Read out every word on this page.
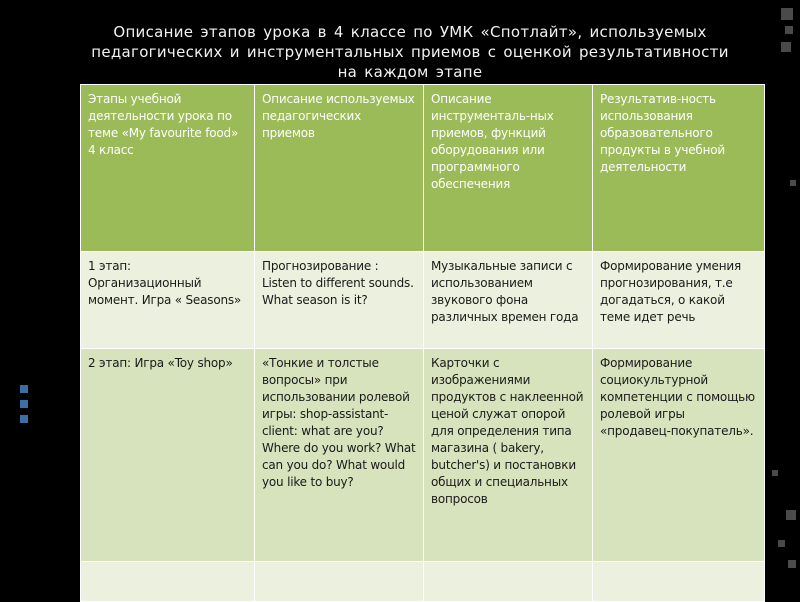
Описание этапов урока в 4 классе по УМК «Спотлайт», используемых
педагогических и инструментальных приемов с оценкой результативности
на каждом этапе
Этапы учебной деятельности урока по теме «My favourite food» 4 класс	Описание используемых педагогических приемов	Описание инструменталь-ных приемов, функций оборудования или программного обеспечения	Результатив-ность использования образовательного продукты в учебной деятельности

1 этап: Организационный момент. Игра « Seasons»	Прогнозирование : Listen to different sounds. What season is it?	Музыкальные записи с использованием звукового фона различных времен года	Формирование умения прогнозирования, т.е догадаться, о какой теме идет речь

2 этап: Игра «Toy shop»	«Тонкие и толстые вопросы» при использовании ролевой игры: shop-assistant-client: what are you? Where do you work? What can you do? What would you like to buy?	Карточки с изображениями продуктов с наклеенной ценой служат опорой для определения типа магазина ( bakery, butcher's) и постановки общих и специальных вопросов	Формирование социокультурной компетенции с помощью ролевой игры «продавец-покупатель».
